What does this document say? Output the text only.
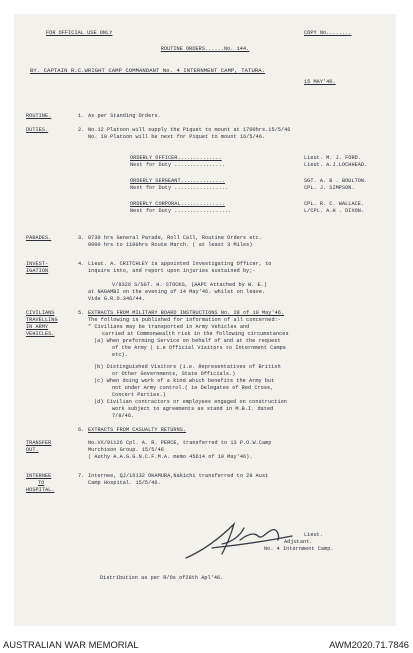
FOR OFFICIAL USE ONLY	COPY No........
ROUTINE ORDERS......No. 144.
BY. CAPTAIN R.C.WRIGHT CAMP COMMANDANT No. 4 INTERNMENT CAMP, TATURA.
15 MAY'46.
ROUTINE.	1. As per Standing Orders.
DUTIES.	2. No.12 Platoon will supply the Piquet to mount at 1700hrs.15/5/46
No. 10 Platoon will be next for Piquet to mount 16/5/46.
ORDERLY OFFICER..............	Lieut. M. J. FORD.
Next for Duty ................	Lieut. A.J.LOCHHEAD.
ORDERLY SERGEANT..............	SGT. A. B . BOULTON.
Next for Duty .................	CPL. J. SIMPSON.
ORDERLY CORPORAL..............	CPL. R. C. WALLACE.
Next for Duty ..................	L/CPL. A.H . DIXON.
PARADES.	3. 0730 hrs General Parade, Roll Call, Routine Orders etc.
0900 hrs to 1100hrs Route March. ( at least 3 Miles)
INVEST-
IGATION
4. Lieut. A. CRITCHLEY is appointed Investigating Officer, to
inquire into, and report upon injuries sustained by;-
V/8326 S/SGT. H. STOCKS, (AAPC Attached by W. E.)
at NAGAMBI on the evening of 14 May'46. whilst on leave.
Vide G.R.O.346/44.
CIVILIANS
TRAVELLING
IN ARMY
VEHICLES.
5. EXTRACTS FROM MILITARY BOARD INSTRUCTIONS No. 28 of 10 May'46.
The following is published for information of all concerned:-
" Civilians may be transported in Army Vehicles and
carried at Commonwealth risk in the following circumstances
(a) When preforming Service on behalf of and at the request
of the Army ( i.e Official Visitors to Internment Camps
etc).
(b) Distinguished Visitors (i.e. Representatives of British
or Other Governments, State Officials.)
(c) When doing work of a kind which benefits the Army but
not under Army control.( ie Delegates of Red Cross,
Concert Parties.)
(d) Civilian contractors or employees engaged on construction
work subject to agreements as stand in M.B.I. dated
7/8/46.
6. EXTRACTS FROM CASUALTY RETURNS.
TRANSFER
OUT.
No.VX/91126 Cpl. A. R. PERCE, transferred to 13 P.O.W.Camp
Murchison Group. 15/5/46
( Authy A.A.G.G.N.C.F.M.A. memo 45614 of 10 May'46).
INTERNEE
TO
HOSPITAL.
7. Internee, QJ/16132 OKAMURA,Nakichi transferred to 28 Aust
Camp Hospital. 15/5/46.
Lieut.
Adjutant.
No. 4 Internment Camp.
Distribution as per R/Os of28th Apl'46.
AUSTRALIAN WAR MEMORIAL	AWM2020.71.7846
